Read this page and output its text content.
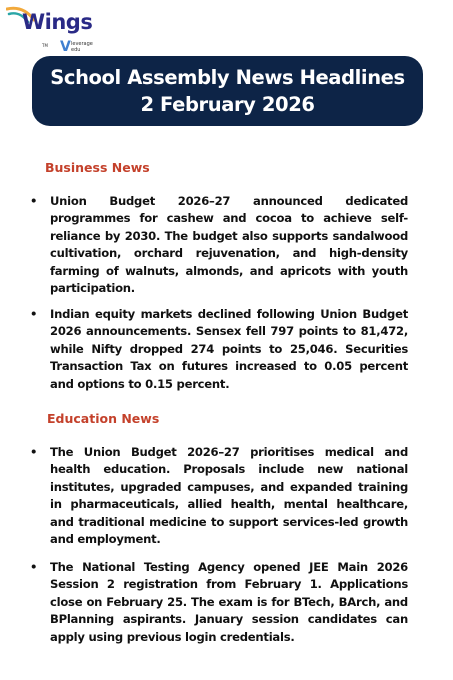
Wings
TM V leverage
edu
School Assembly News Headlines
2 February 2026
Business News
• Union Budget 2026–27 announced dedicated programmes for cashew and cocoa to achieve self-reliance by 2030. The budget also supports sandalwood cultivation, orchard rejuvenation, and high-density farming of walnuts, almonds, and apricots with youth participation.
• Indian equity markets declined following Union Budget 2026 announcements. Sensex fell 797 points to 81,472, while Nifty dropped 274 points to 25,046. Securities Transaction Tax on futures increased to 0.05 percent and options to 0.15 percent.
Education News
• The Union Budget 2026–27 prioritises medical and health education. Proposals include new national institutes, upgraded campuses, and expanded training in pharmaceuticals, allied health, mental healthcare, and traditional medicine to support services-led growth and employment.
• The National Testing Agency opened JEE Main 2026 Session 2 registration from February 1. Applications close on February 25. The exam is for BTech, BArch, and BPlanning aspirants. January session candidates can apply using previous login credentials.
